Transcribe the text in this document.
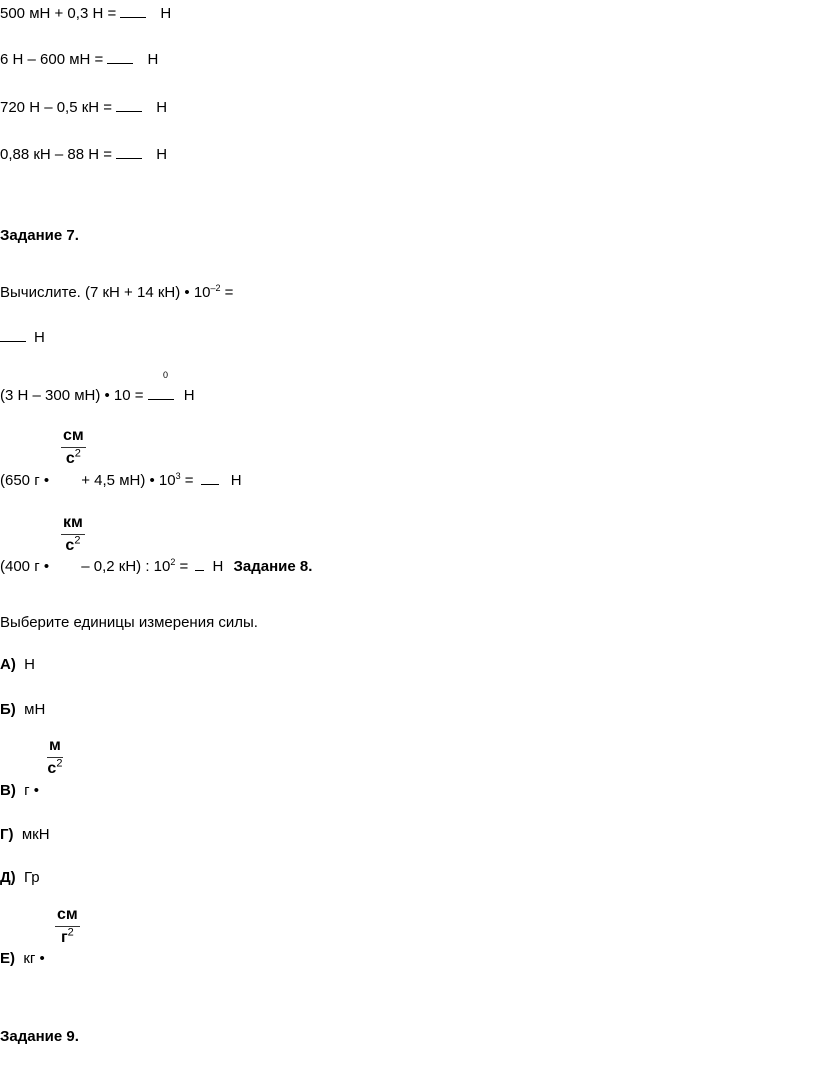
500 мН + 0,3 Н =	Н
6 Н – 600 мН =	Н
720 Н – 0,5 кН =	Н
0,88 кН – 88 Н =	Н
Задание 7.
Вычислите. (7 кН + 14 кН) • $10^{-2}$ =
Н
0
(3 Н – 300 мН) • 10 = Н
см
$с^2$
(650 г • + 4,5 мН) • $10^3 = Н$
км
$с^2$
(400 г • – 0,2 кН) : $10^2 = Н$ Задание 8.
Выберите единицы измерения силы.
А) Н
Б) мН
м
$с^2$
В) г •
Г) мкН
Д) Гр
см
$г^2$
Е) кг •
Задание 9.
